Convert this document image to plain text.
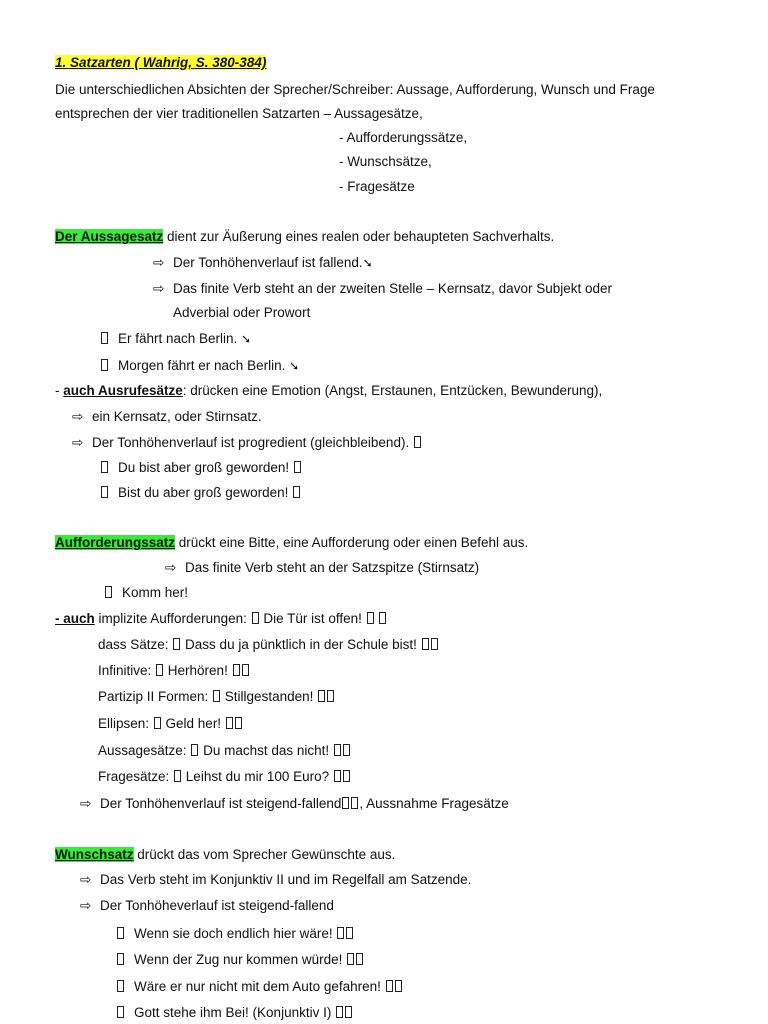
1. Satzarten ( Wahrig, S. 380-384)
Die unterschiedlichen Absichten der Sprecher/Schreiber: Aussage, Aufforderung, Wunsch und Frage
entsprechen der vier traditionellen Satzarten – Aussagesätze,
- Aufforderungssätze,
- Wunschsätze,
- Fragesätze
Der Aussagesatz dient zur Äußerung eines realen oder behaupteten Sachverhalts.
⇨ Der Tonhöhenverlauf ist fallend.➘
⇨ Das finite Verb steht an der zweiten Stelle – Kernsatz, davor Subjekt oder
Adverbial oder Prowort
Er fährt nach Berlin. ➘
Morgen fährt er nach Berlin. ➘
- auch Ausrufesätze: drücken eine Emotion (Angst, Erstaunen, Entzücken, Bewunderung),
⇨ ein Kernsatz, oder Stirnsatz.
⇨ Der Tonhöhenverlauf ist progredient (gleichbleibend).
Du bist aber groß geworden!
Bist du aber groß geworden!
Aufforderungssatz drückt eine Bitte, eine Aufforderung oder einen Befehl aus.
⇨ Das finite Verb steht an der Satzspitze (Stirnsatz)
Komm her!
- auch implizite Aufforderungen:  Die Tür ist offen!
dass Sätze:  Dass du ja pünktlich in der Schule bist!
Infinitive:  Herhören!
Partizip II Formen:  Stillgestanden!
Ellipsen:  Geld her!
Aussagesätze:  Du machst das nicht!
Fragesätze:  Leihst du mir 100 Euro?
⇨ Der Tonhöhenverlauf ist steigend-fallend , Aussnahme Fragesätze
Wunschsatz drückt das vom Sprecher Gewünschte aus.
⇨ Das Verb steht im Konjunktiv II und im Regelfall am Satzende.
⇨ Der Tonhöheverlauf ist steigend-fallend
Wenn sie doch endlich hier wäre!
Wenn der Zug nur kommen würde!
Wäre er nur nicht mit dem Auto gefahren!
Gott stehe ihm Bei! (Konjunktiv I)
